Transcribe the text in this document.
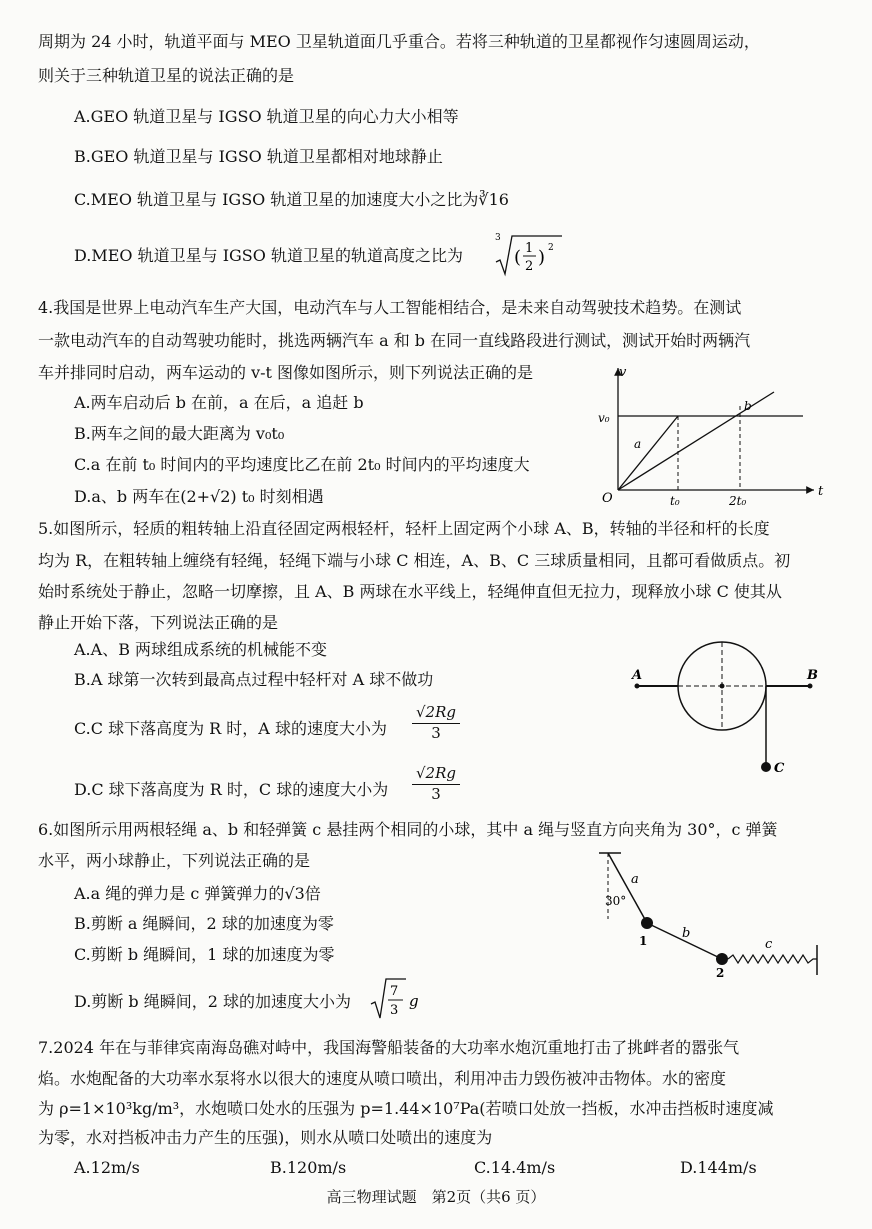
周期为 24 小时，轨道平面与 MEO 卫星轨道面几乎重合。若将三种轨道的卫星都视作匀速圆周运动，
则关于三种轨道卫星的说法正确的是
A.GEO 轨道卫星与 IGSO 轨道卫星的向心力大小相等
B.GEO 轨道卫星与 IGSO 轨道卫星都相对地球静止
C.MEO 轨道卫星与 IGSO 轨道卫星的加速度大小之比为∛16
D.MEO 轨道卫星与 IGSO 轨道卫星的轨道高度之比为
3
( 1
2 ) 2
4.我国是世界上电动汽车生产大国，电动汽车与人工智能相结合，是未来自动驾驶技术趋势。在测试
一款电动汽车的自动驾驶功能时，挑选两辆汽车 a 和 b 在同一直线路段进行测试，测试开始时两辆汽
车并排同时启动，两车运动的 v-t 图像如图所示，则下列说法正确的是
A.两车启动后 b 在前，a 在后，a 追赶 b
B.两车之间的最大距离为 v₀t₀
C.a 在前 t₀ 时间内的平均速度比乙在前 2t₀ 时间内的平均速度大
D.a、b 两车在(2+√2) t₀ 时刻相遇
v
t
O
v₀
t₀	2t₀
a
b
5.如图所示，轻质的粗转轴上沿直径固定两根轻杆，轻杆上固定两个小球 A、B，转轴的半径和杆的长度
均为 R，在粗转轴上缠绕有轻绳，轻绳下端与小球 C 相连，A、B、C 三球质量相同，且都可看做质点。初
始时系统处于静止，忽略一切摩擦，且 A、B 两球在水平线上，轻绳伸直但无拉力，现释放小球 C 使其从
静止开始下落，下列说法正确的是
A.A、B 两球组成系统的机械能不变
B.A 球第一次转到最高点过程中轻杆对 A 球不做功
C.C 球下落高度为 R 时，A 球的速度大小为
D.C 球下落高度为 R 时，C 球的速度大小为
√2Rg
3
√2Rg
3
A	B
C
6.如图所示用两根轻绳 a、b 和轻弹簧 c 悬挂两个相同的小球，其中 a 绳与竖直方向夹角为 30°，c 弹簧
水平，两小球静止，下列说法正确的是
A.a 绳的弹力是 c 弹簧弹力的√3倍
B.剪断 a 绳瞬间，2 球的加速度为零
C.剪断 b 绳瞬间，1 球的加速度为零
D.剪断 b 绳瞬间，2 球的加速度大小为
7
3
g
a
30°
1	b
2
c
7.2024 年在与菲律宾南海岛礁对峙中，我国海警船装备的大功率水炮沉重地打击了挑衅者的嚣张气
焰。水炮配备的大功率水泵将水以很大的速度从喷口喷出，利用冲击力毁伤被冲击物体。水的密度
为 ρ=1×10³kg/m³，水炮喷口处水的压强为 p=1.44×10⁷Pa(若喷口处放一挡板，水冲击挡板时速度减
为零，水对挡板冲击力产生的压强)，则水从喷口处喷出的速度为
A.12m/s	B.120m/s	C.14.4m/s	D.144m/s
高三物理试题　第2页（共6 页）
